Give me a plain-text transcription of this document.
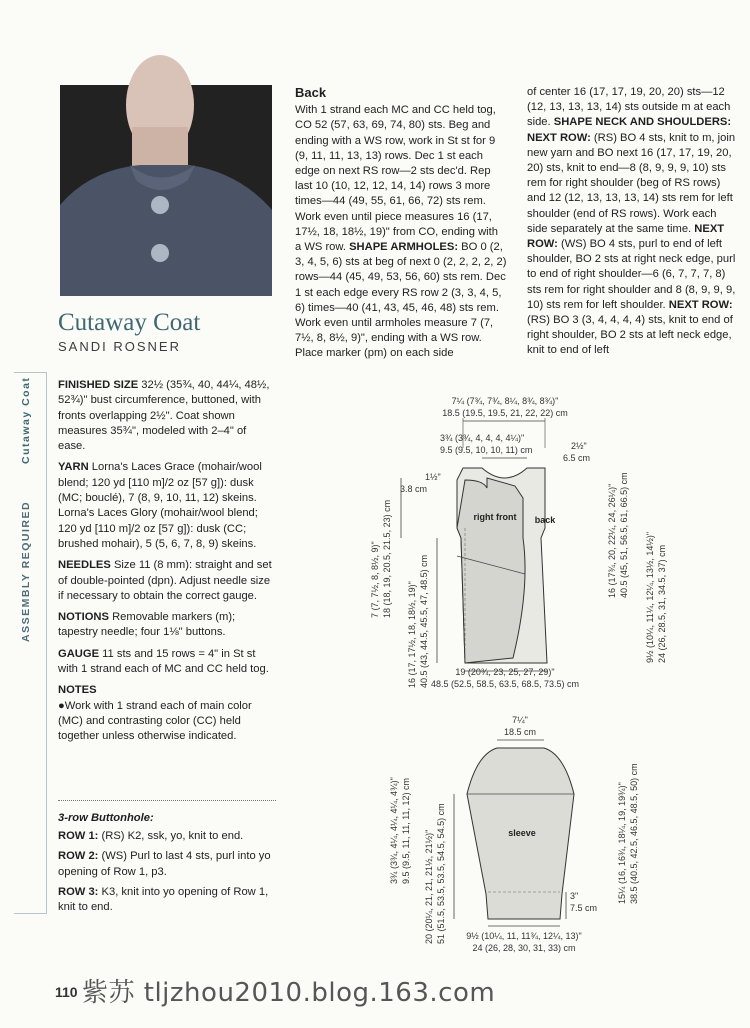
ASSEMBLY REQUIRED
Cutaway Coat
Cutaway Coat
SANDI ROSNER

FINISHED SIZE 32½ (35¾, 40, 44¼, 48½, 52¾)" bust circumference, buttoned, with fronts overlapping 2½". Coat shown measures 35¾", modeled with 2–4" of ease.

YARN Lorna's Laces Grace (mohair/wool blend; 120 yd [110 m]/2 oz [57 g]): dusk (MC; bouclé), 7 (8, 9, 10, 11, 12) skeins. Lorna's Laces Glory (mohair/wool blend; 120 yd [110 m]/2 oz [57 g]): dusk (CC; brushed mohair), 5 (5, 6, 7, 8, 9) skeins.

NEEDLES Size 11 (8 mm): straight and set of double-pointed (dpn). Adjust needle size if necessary to obtain the correct gauge.

NOTIONS Removable markers (m); tapestry needle; four 1⅛" buttons.

GAUGE 11 sts and 15 rows = 4" in St st with 1 strand each of MC and CC held tog.

NOTES

●Work with 1 strand each of main color (MC) and contrasting color (CC) held together unless otherwise indicated.

3-row Buttonhole:

ROW 1: (RS) K2, ssk, yo, knit to end.

ROW 2: (WS) Purl to last 4 sts, purl into yo opening of Row 1, p3.

ROW 3: K3, knit into yo opening of Row 1, knit to end.

Back
With 1 strand each MC and CC held tog, CO 52 (57, 63, 69, 74, 80) sts. Beg and ending with a WS row, work in St st for 9 (9, 11, 11, 13, 13) rows. Dec 1 st each edge on next RS row—2 sts dec'd. Rep last 10 (10, 12, 12, 14, 14) rows 3 more times—44 (49, 55, 61, 66, 72) sts rem. Work even until piece measures 16 (17, 17½, 18, 18½, 19)" from CO, ending with a WS row. SHAPE ARMHOLES: BO 0 (2, 3, 4, 5, 6) sts at beg of next 0 (2, 2, 2, 2, 2) rows—44 (45, 49, 53, 56, 60) sts rem. Dec 1 st each edge every RS row 2 (3, 3, 4, 5, 6) times—40 (41, 43, 45, 46, 48) sts rem. Work even until armholes measure 7 (7, 7½, 8, 8½, 9)", ending with a WS row. Place marker (pm) on each side
of center 16 (17, 17, 19, 20, 20) sts—12 (12, 13, 13, 13, 14) sts outside m at each side. SHAPE NECK AND SHOULDERS:
NEXT ROW: (RS) BO 4 sts, knit to m, join new yarn and BO next 16 (17, 17, 19, 20, 20) sts, knit to end—8 (8, 9, 9, 9, 10) sts rem for right shoulder (beg of RS rows) and 12 (12, 13, 13, 13, 14) sts rem for left shoulder (end of RS rows). Work each side separately at the same time. NEXT ROW: (WS) BO 4 sts, purl to end of left shoulder, BO 2 sts at right neck edge, purl to end of right shoulder—6 (6, 7, 7, 7, 8) sts rem for right shoulder and 8 (8, 9, 9, 9, 10) sts rem for left shoulder. NEXT ROW: (RS) BO 3 (3, 4, 4, 4, 4) sts, knit to end of right shoulder, BO 2 sts at left neck edge, knit to end of left
7¼ (7¾, 7¾, 8¼, 8¾, 8¾)"
18.5 (19.5, 19.5, 21, 22, 22) cm
3¾ (3¾, 4, 4, 4, 4¼)"
9.5 (9.5, 10, 10, 11) cm	2½"
6.5 cm
1½"
3.8 cm
right front back
7 (7, 7½, 8, 8½, 9)" 18 (18, 19, 20.5, 21.5, 23) cm
16 (17, 17½, 18, 18½, 19)" 40.5 (43, 44.5, 45.5, 47, 48.5) cm
16 (17¾, 20, 22¼, 24, 26¼)" 40.5 (45, 51, 56.5, 61, 66.5) cm 9½ (10¼, 11¼, 12¼, 13½, 14½)" 24 (26, 28.5, 31, 34.5, 37) cm
19 (20¾, 23, 25, 27, 29)"
48.5 (52.5, 58.5, 63.5, 68.5, 73.5) cm
7¼"
18.5 cm
sleeve
3¾ (3¾, 4¼, 4¼, 4¼, 4¾)" 9.5 (9.5, 11, 11, 11, 12) cm 20 (20¼, 21, 21, 21½, 21½)" 51 (51.5, 53.5, 53.5, 54.5, 54.5) cm	15¼ (16, 16¾, 18¼, 19, 19¾)" 38.5 (40.5, 42.5, 46.5, 48.5, 50) cm
3"
7.5 cm
9½ (10¼, 11, 11¾, 12¼, 13)"
24 (26, 28, 30, 31, 33) cm
110 紫苏 tljzhou2010.blog.163.com
